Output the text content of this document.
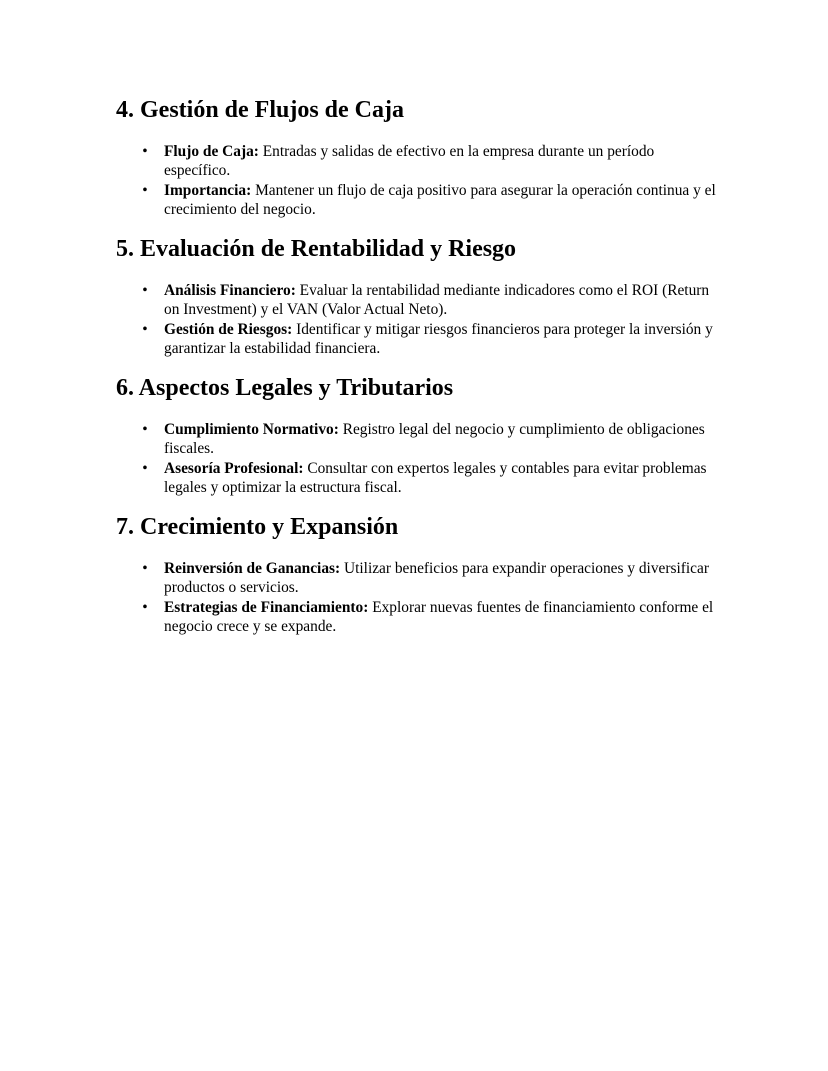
4. Gestión de Flujos de Caja
• Flujo de Caja: Entradas y salidas de efectivo en la empresa durante un período específico.
• Importancia: Mantener un flujo de caja positivo para asegurar la operación continua y el crecimiento del negocio.
5. Evaluación de Rentabilidad y Riesgo
• Análisis Financiero: Evaluar la rentabilidad mediante indicadores como el ROI (Return on Investment) y el VAN (Valor Actual Neto).
• Gestión de Riesgos: Identificar y mitigar riesgos financieros para proteger la inversión y garantizar la estabilidad financiera.
6. Aspectos Legales y Tributarios
• Cumplimiento Normativo: Registro legal del negocio y cumplimiento de obligaciones fiscales.
• Asesoría Profesional: Consultar con expertos legales y contables para evitar problemas legales y optimizar la estructura fiscal.
7. Crecimiento y Expansión
• Reinversión de Ganancias: Utilizar beneficios para expandir operaciones y diversificar productos o servicios.
• Estrategias de Financiamiento: Explorar nuevas fuentes de financiamiento conforme el negocio crece y se expande.
